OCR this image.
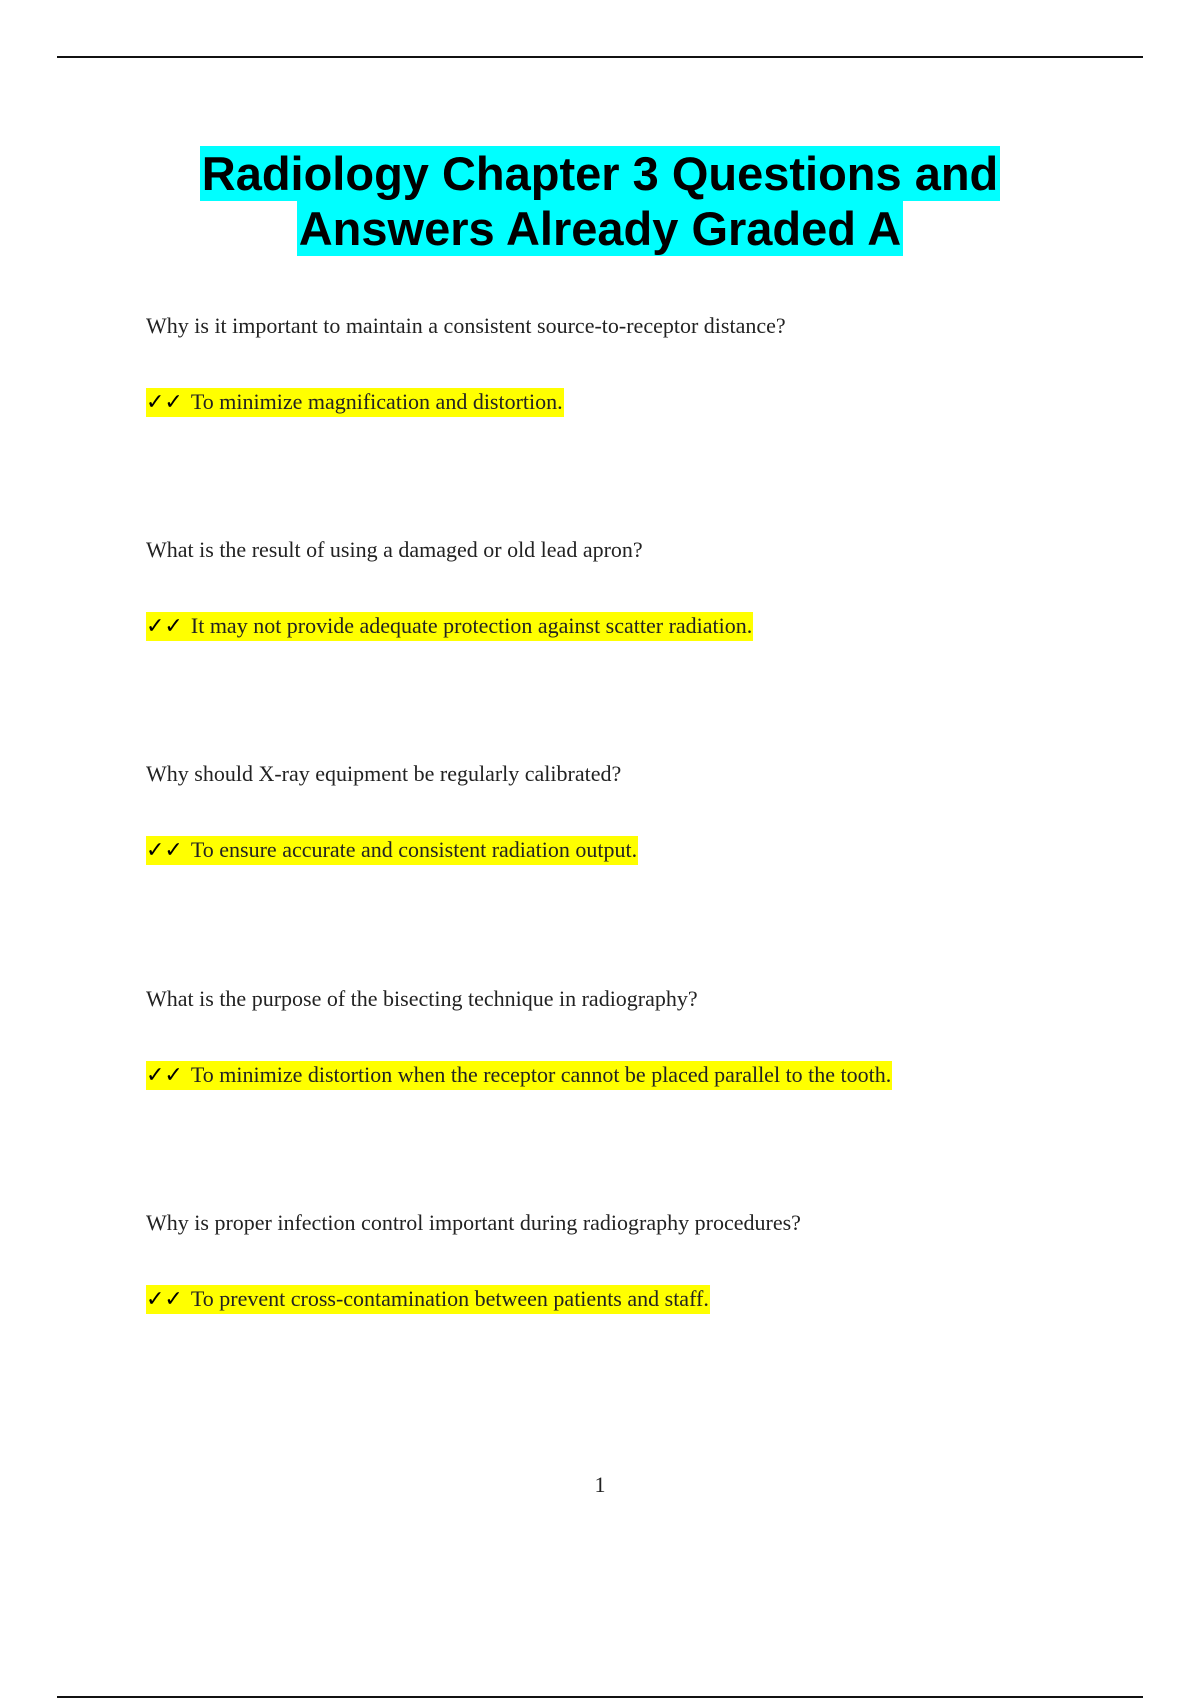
Radiology Chapter 3 Questions and
Answers Already Graded A

Why is it important to maintain a consistent source-to-receptor distance?

✓✓ To minimize magnification and distortion.

What is the result of using a damaged or old lead apron?

✓✓ It may not provide adequate protection against scatter radiation.

Why should X-ray equipment be regularly calibrated?

✓✓ To ensure accurate and consistent radiation output.

What is the purpose of the bisecting technique in radiography?

✓✓ To minimize distortion when the receptor cannot be placed parallel to the tooth.

Why is proper infection control important during radiography procedures?

✓✓ To prevent cross-contamination between patients and staff.
1
